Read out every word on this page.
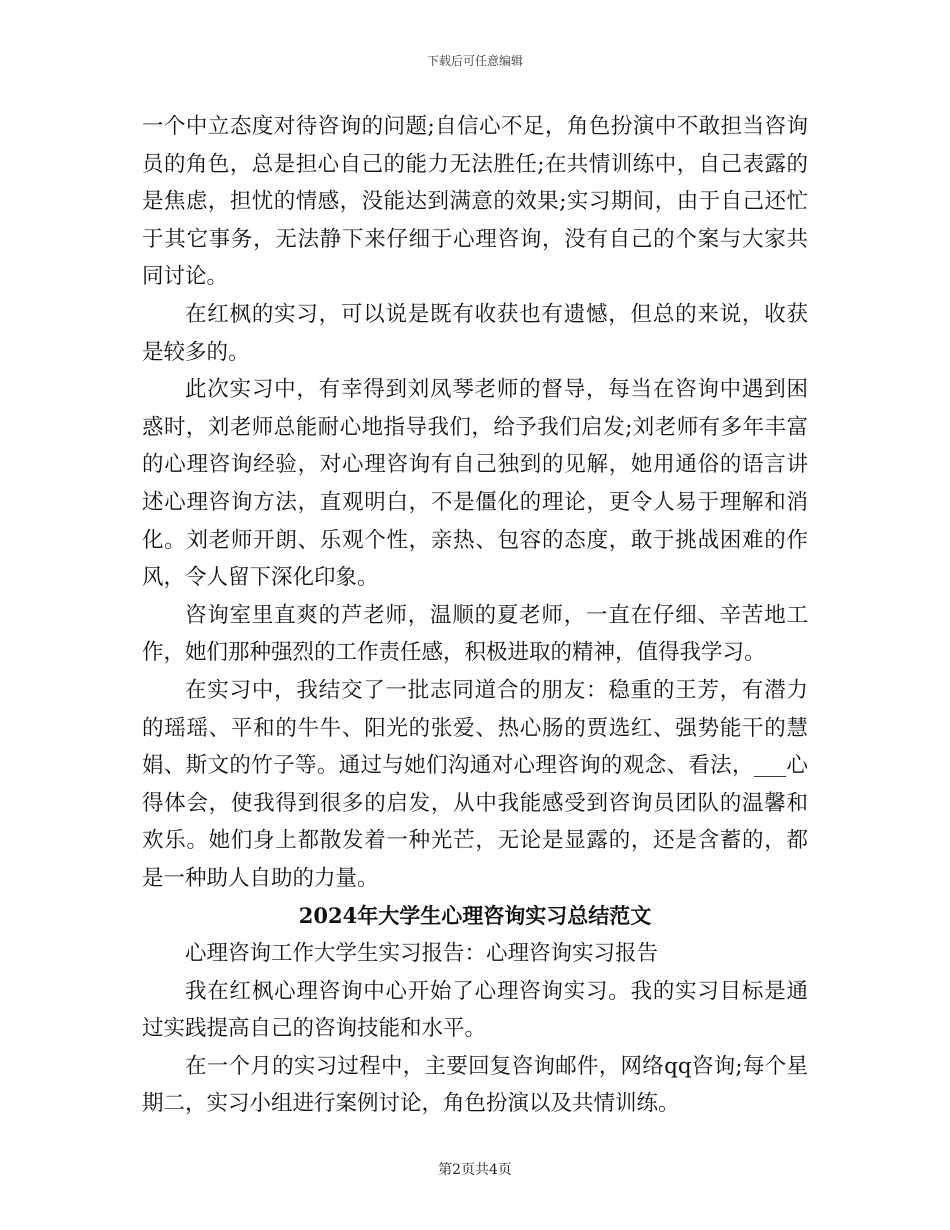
下载后可任意编辑

一个中立态度对待咨询的问题;自信心不足，角色扮演中不敢担当咨询员的角色，总是担心自己的能力无法胜任;在共情训练中，自己表露的是焦虑，担忧的情感，没能达到满意的效果;实习期间，由于自己还忙于其它事务，无法静下来仔细于心理咨询，没有自己的个案与大家共同讨论。

在红枫的实习，可以说是既有收获也有遗憾，但总的来说，收获是较多的。

此次实习中，有幸得到刘凤琴老师的督导，每当在咨询中遇到困惑时，刘老师总能耐心地指导我们，给予我们启发;刘老师有多年丰富的心理咨询经验，对心理咨询有自己独到的见解，她用通俗的语言讲述心理咨询方法，直观明白，不是僵化的理论，更令人易于理解和消化。刘老师开朗、乐观个性，亲热、包容的态度，敢于挑战困难的作风，令人留下深化印象。

咨询室里直爽的芦老师，温顺的夏老师，一直在仔细、辛苦地工作，她们那种强烈的工作责任感，积极进取的精神，值得我学习。

在实习中，我结交了一批志同道合的朋友：稳重的王芳，有潜力的瑶瑶、平和的牛牛、阳光的张爱、热心肠的贾选红、强势能干的慧娟、斯文的竹子等。通过与她们沟通对心理咨询的观念、看法，___心得体会，使我得到很多的启发，从中我能感受到咨询员团队的温馨和欢乐。她们身上都散发着一种光芒，无论是显露的，还是含蓄的，都是一种助人自助的力量。

2024年大学生心理咨询实习总结范文

心理咨询工作大学生实习报告：心理咨询实习报告

我在红枫心理咨询中心开始了心理咨询实习。我的实习目标是通过实践提高自己的咨询技能和水平。

在一个月的实习过程中，主要回复咨询邮件，网络qq咨询;每个星期二，实习小组进行案例讨论，角色扮演以及共情训练。

第2页共4页
